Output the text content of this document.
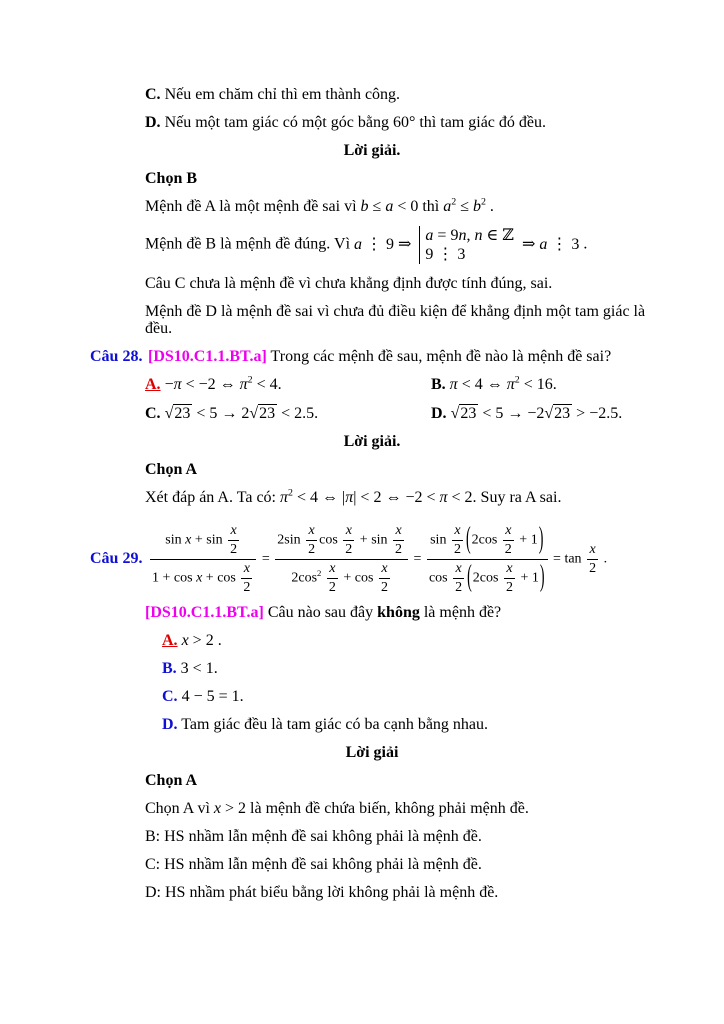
C. Nếu em chăm chỉ thì em thành công.

D. Nếu một tam giác có một góc bằng 60° thì tam giác đó đều.

Lời giải.

Chọn B

Mệnh đề A là một mệnh đề sai vì b ≤ a < 0 thì $a^2 \le b^2$ .

Mệnh đề B là mệnh đề đúng. Vì a ⋮ 9 ⇒
a = 9n, n ∈ ℤ
9 ⋮ 3
⇒ a ⋮ 3 .

Câu C chưa là mệnh đề vì chưa khẳng định được tính đúng, sai.

Mệnh đề D là mệnh đề sai vì chưa đủ điều kiện để khẳng định một tam giác là đều.

Câu 28. [DS10.C1.1.BT.a] Trong các mệnh đề sau, mệnh đề nào là mệnh đề sai?
A. −π < −2 ⇔ $\pi^2 < 4$.	B. π < 4 ⇔ $\pi^2 < 16$.
C. √23 < 5 → 2√23 < 2.5.	D. √23 < 5 → −2√23 > −2.5.

Lời giải.

Chọn A

Xét đáp án A. Ta có: $\pi^2 < 4$ ⇔ |π| < 2 ⇔ −2 < π < 2. Suy ra A sai.

Câu 29. $\frac{\sin x + \sin \frac{x}{2}}{1 + \cos x + \cos \frac{x}{2}} = \frac{2\sin \frac{x}{2} \cos \frac{x}{2} + \sin \frac{x}{2}}{2\cos^2 \frac{x}{2} + \cos \frac{x}{2}} = \frac{\sin \frac{x}{2} (2\cos \frac{x}{2} + 1)}{\cos \frac{x}{2} (2\cos \frac{x}{2} + 1)} = \tan \frac{x}{2}$ .

[DS10.C1.1.BT.a] Câu nào sau đây không là mệnh đề?

A. x > 2 .

B. 3 < 1.

C. 4 − 5 = 1.

D. Tam giác đều là tam giác có ba cạnh bằng nhau.

Lời giải

Chọn A

Chọn A vì x > 2 là mệnh đề chứa biến, không phải mệnh đề.

B: HS nhầm lẫn mệnh đề sai không phải là mệnh đề.

C: HS nhầm lẫn mệnh đề sai không phải là mệnh đề.

D: HS nhầm phát biểu bằng lời không phải là mệnh đề.
